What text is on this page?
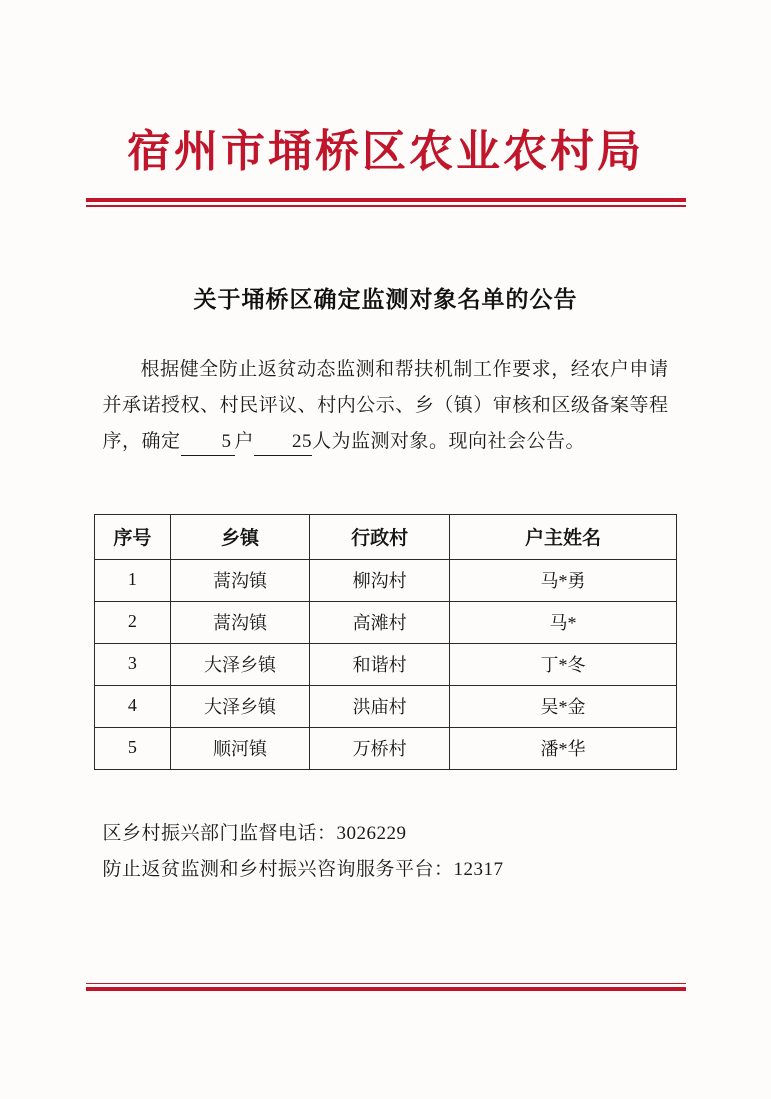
宿州市埇桥区农业农村局
关于埇桥区确定监测对象名单的公告

根据健全防止返贫动态监测和帮扶机制工作要求，经农户申请并承诺授权、村民评议、村内公示、乡（镇）审核和区级备案等程序，确定 5 户 25人为监测对象。现向社会公告。

序号	乡镇	行政村	户主姓名
1	蒿沟镇	柳沟村	马*勇
2	蒿沟镇	高滩村	马*
3	大泽乡镇	和谐村	丁*冬
4	大泽乡镇	洪庙村	吴*金
5	顺河镇	万桥村	潘*华

区乡村振兴部门监督电话：3026229

防止返贫监测和乡村振兴咨询服务平台：12317
